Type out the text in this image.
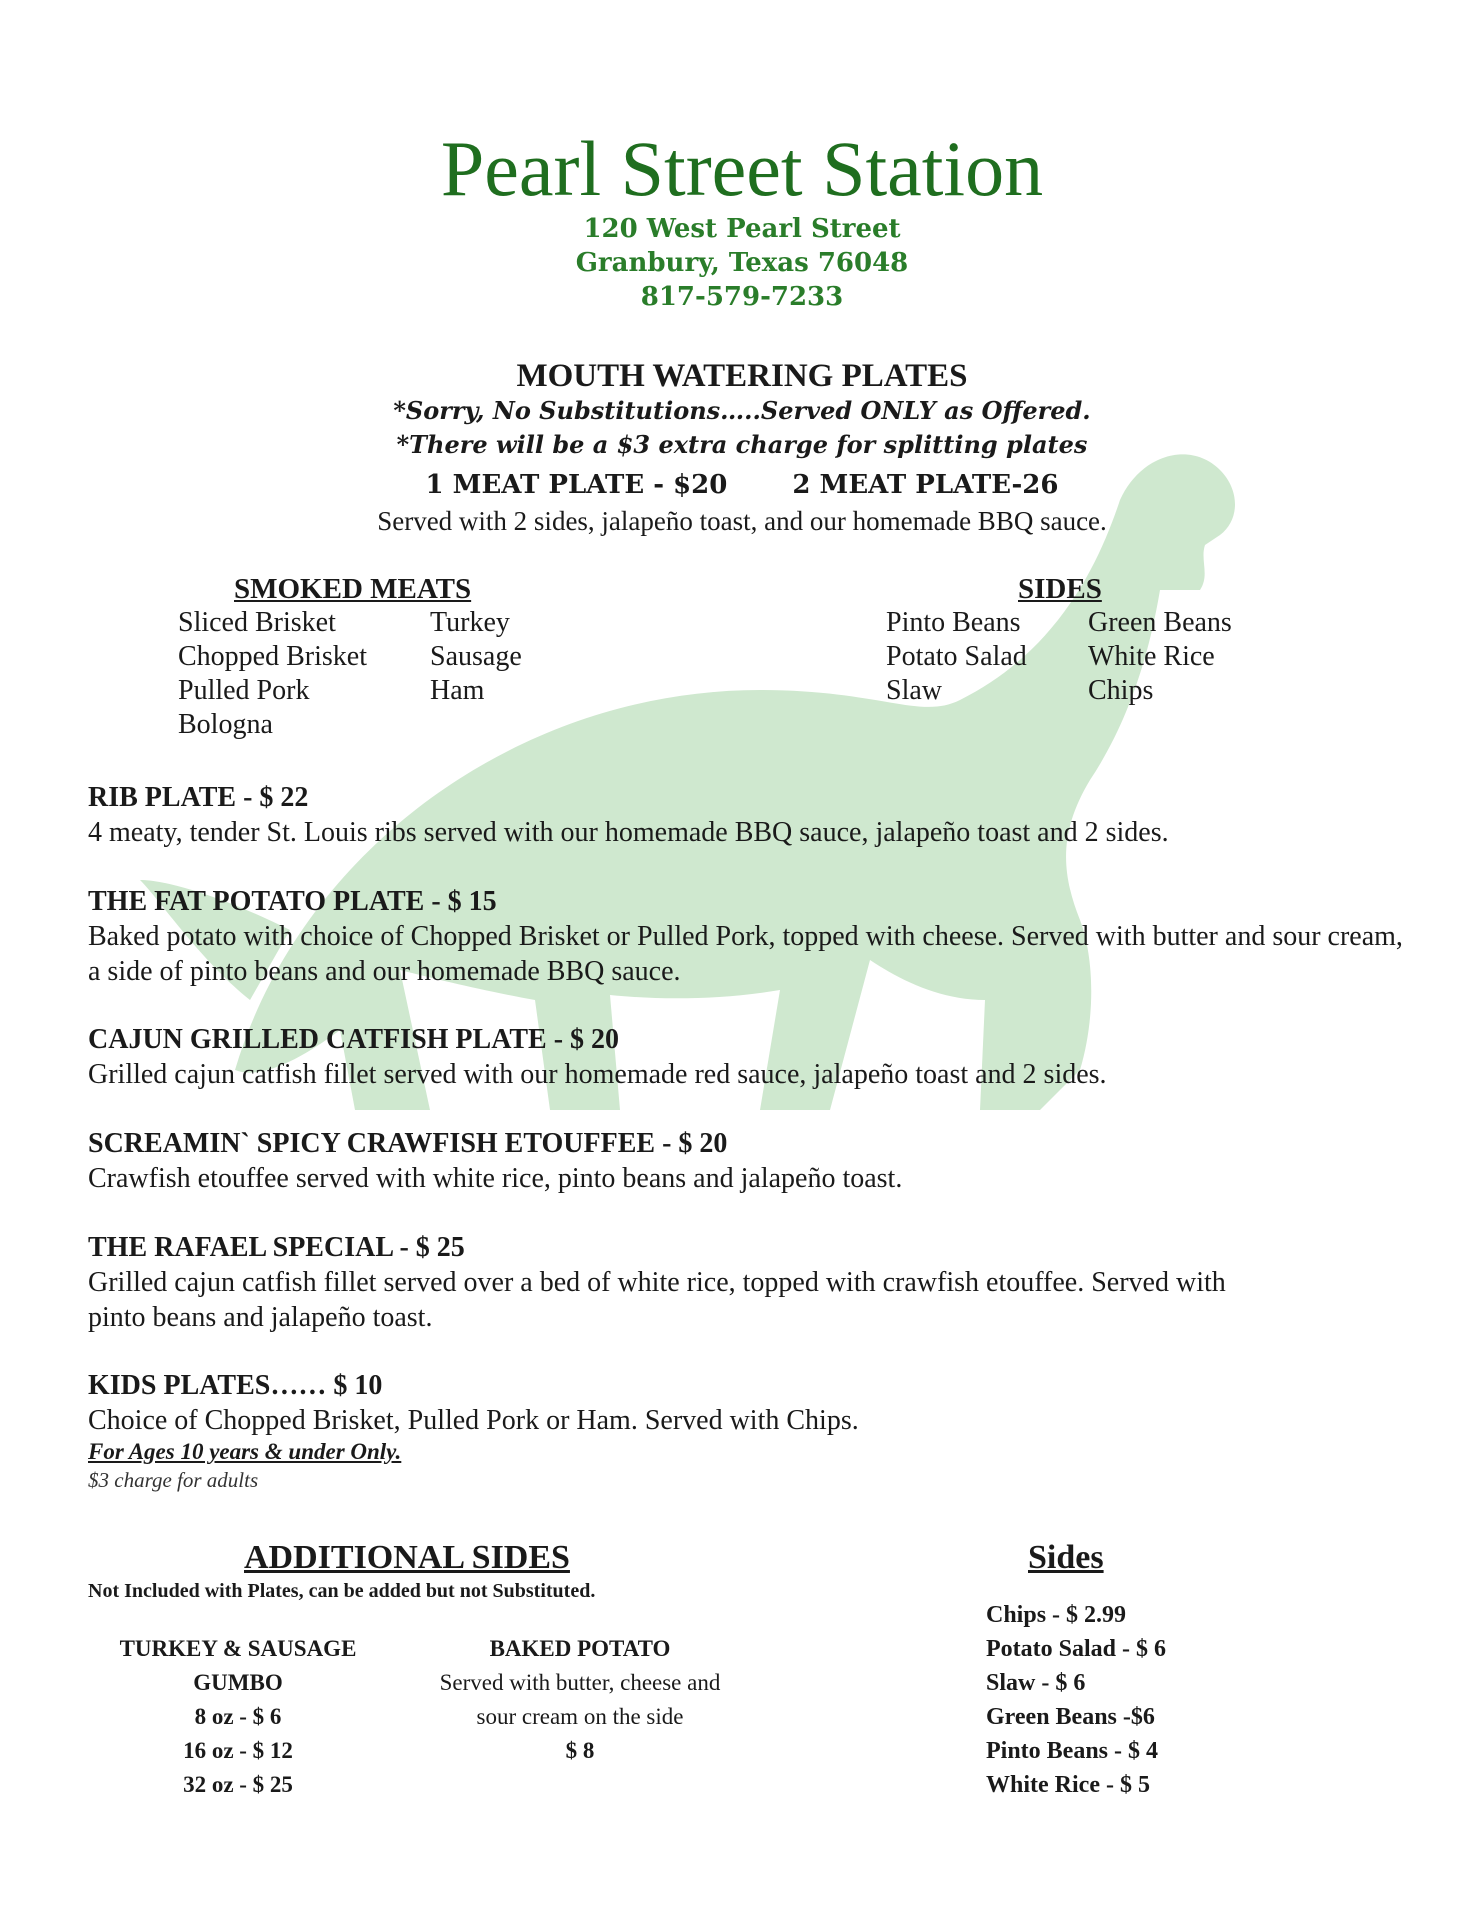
Pearl Street Station
120 West Pearl Street
Granbury, Texas 76048
817-579-7233
MOUTH WATERING PLATES
*Sorry, No Substitutions…..Served ONLY as Offered.
*There will be a $3 extra charge for splitting plates
1 MEAT PLATE - $20	2 MEAT PLATE-26
Served with 2 sides, jalapeño toast, and our homemade BBQ sauce.
SMOKED MEATS
Sliced Brisket
Chopped Brisket
Pulled Pork
Bologna
Turkey
Sausage
Ham
SIDES
Pinto Beans
Potato Salad
Slaw
Green Beans
White Rice
Chips
RIB PLATE - $ 22
4 meaty, tender St. Louis ribs served with our homemade BBQ sauce, jalapeño toast and 2 sides.
THE FAT POTATO PLATE - $ 15
Baked potato with choice of Chopped Brisket or Pulled Pork, topped with cheese. Served with butter and sour cream, a side of pinto beans and our homemade BBQ sauce.
CAJUN GRILLED CATFISH PLATE - $ 20
Grilled cajun catfish fillet served with our homemade red sauce, jalapeño toast and 2 sides.
SCREAMIN` SPICY CRAWFISH ETOUFFEE - $ 20
Crawfish etouffee served with white rice, pinto beans and jalapeño toast.
THE RAFAEL SPECIAL - $ 25
Grilled cajun catfish fillet served over a bed of white rice, topped with crawfish etouffee. Served with pinto beans and jalapeño toast.
KIDS PLATES…… $ 10
Choice of Chopped Brisket, Pulled Pork or Ham. Served with Chips.
For Ages 10 years & under Only.
$3 charge for adults
ADDITIONAL SIDES
Not Included with Plates, can be added but not Substituted.
TURKEY & SAUSAGE
GUMBO
8 oz - $ 6
16 oz - $ 12
32 oz - $ 25
BAKED POTATO
Served with butter, cheese and
sour cream on the side
$ 8
Sides
Chips - $ 2.99
Potato Salad - $ 6
Slaw - $ 6
Green Beans -$6
Pinto Beans - $ 4
White Rice - $ 5
